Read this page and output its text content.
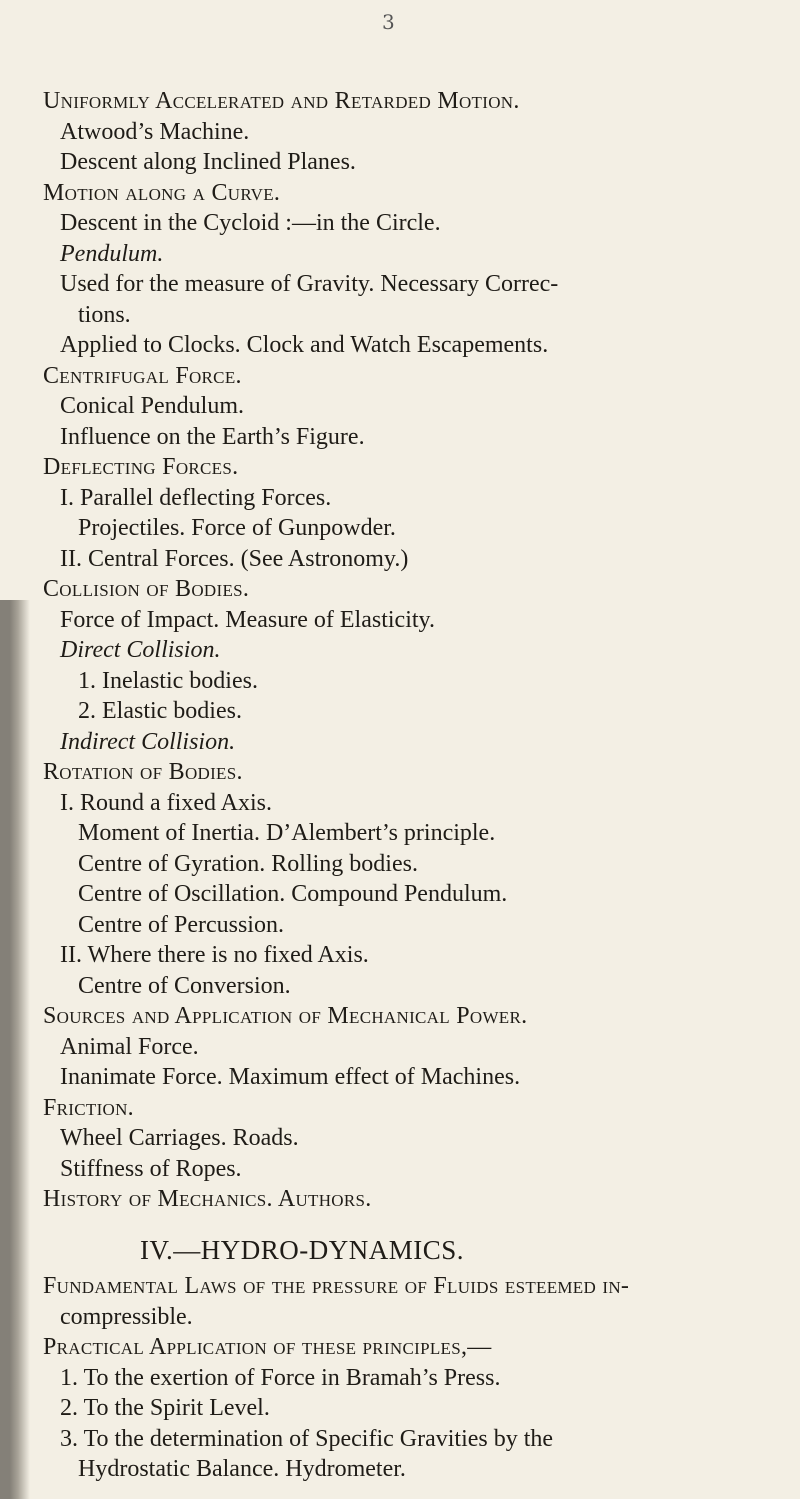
3
Uniformly Accelerated and Retarded Motion.
Atwood’s Machine.
Descent along Inclined Planes.
Motion along a Curve.
Descent in the Cycloid :—in the Circle.
Pendulum.
Used for the measure of Gravity. Necessary Correc-
tions.
Applied to Clocks. Clock and Watch Escapements.
Centrifugal Force.
Conical Pendulum.
Influence on the Earth’s Figure.
Deflecting Forces.
I. Parallel deflecting Forces.
Projectiles. Force of Gunpowder.
II. Central Forces. (See Astronomy.)
Collision of Bodies.
Force of Impact. Measure of Elasticity.
Direct Collision.
1. Inelastic bodies.
2. Elastic bodies.
Indirect Collision.
Rotation of Bodies.
I. Round a fixed Axis.
Moment of Inertia. D’Alembert’s principle.
Centre of Gyration. Rolling bodies.
Centre of Oscillation. Compound Pendulum.
Centre of Percussion.
II. Where there is no fixed Axis.
Centre of Conversion.
Sources and Application of Mechanical Power.
Animal Force.
Inanimate Force. Maximum effect of Machines.
Friction.
Wheel Carriages. Roads.
Stiffness of Ropes.
History of Mechanics. Authors.
IV.—HYDRO-DYNAMICS.
Fundamental Laws of the pressure of Fluids esteemed in-
compressible.
Practical Application of these principles,—
1. To the exertion of Force in Bramah’s Press.
2. To the Spirit Level.
3. To the determination of Specific Gravities by the
Hydrostatic Balance. Hydrometer.
